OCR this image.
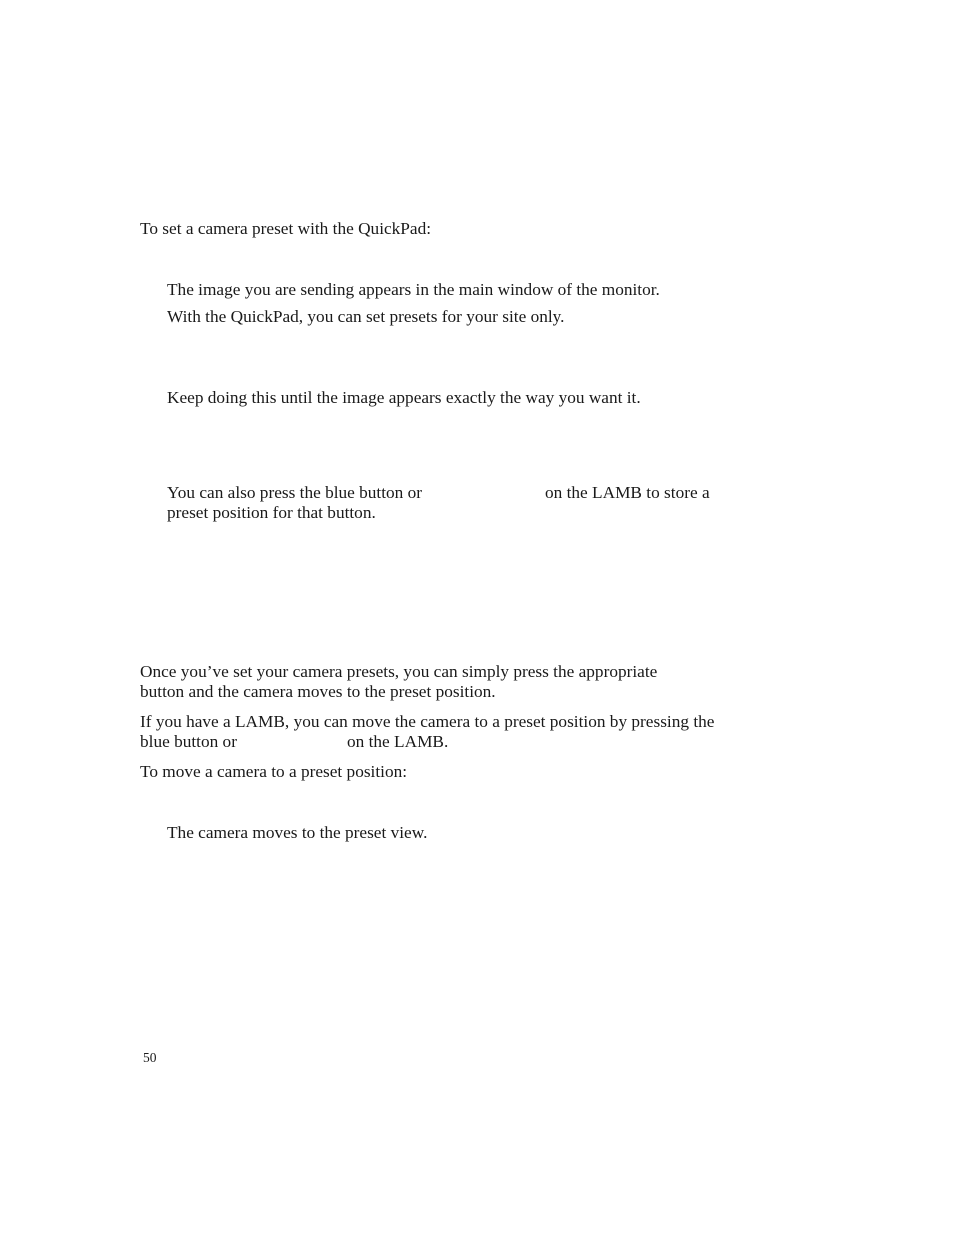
To set a camera preset with the QuickPad:

The image you are sending appears in the main window of the monitor.

With the QuickPad, you can set presets for your site only.

Keep doing this until the image appears exactly the way you want it.

You can also press the blue button or	on the LAMB to store a

preset position for that button.

Once you’ve set your camera presets, you can simply press the appropriate

button and the camera moves to the preset position.

If you have a LAMB, you can move the camera to a preset position by pressing the

blue button or	on the LAMB.

To move a camera to a preset position:

The camera moves to the preset view.

50
